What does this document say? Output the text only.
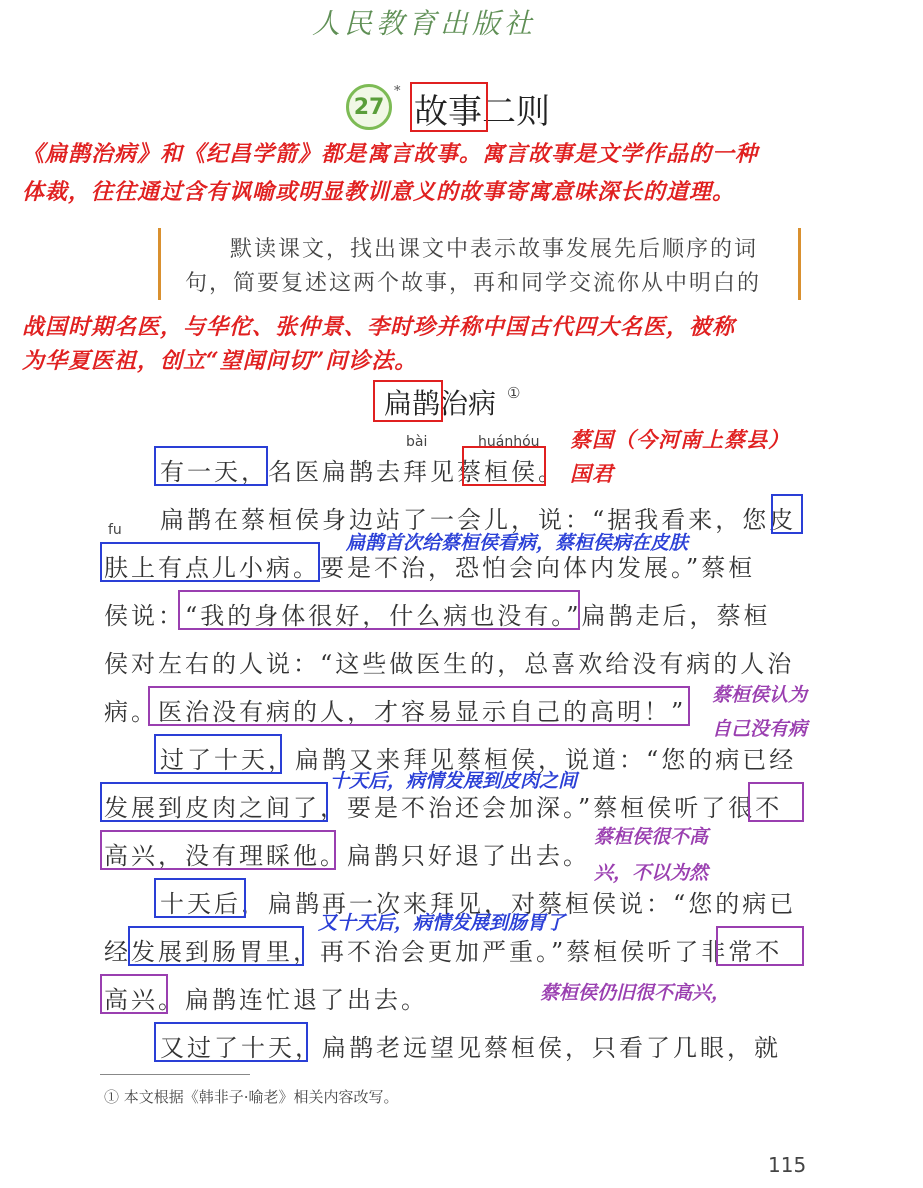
人民教育出版社
27
*
故事二则
《扁鹊治病》和《纪昌学箭》都是寓言故事。寓言故事是文学作品的一种
体裁，往往通过含有讽喻或明显教训意义的故事寄寓意味深长的道理。
默读课文，找出课文中表示故事发展先后顺序的词
句，简要复述这两个故事，再和同学交流你从中明白的
战国时期名医，与华佗、张仲景、李时珍并称中国古代四大名医，被称
为华夏医祖，创立“望闻问切”问诊法。
扁鹊治病 ①
bài	huánhóu
fu
有一天，名医扁鹊去拜见蔡桓侯。
扁鹊在蔡桓侯身边站了一会儿，说：“据我看来，您皮
肤上有点儿小病。要是不治，恐怕会向体内发展。”蔡桓
侯说：“我的身体很好，什么病也没有。”扁鹊走后，蔡桓
侯对左右的人说：“这些做医生的，总喜欢给没有病的人治
病。医治没有病的人，才容易显示自己的高明！”
过了十天，扁鹊又来拜见蔡桓侯，说道：“您的病已经
发展到皮肉之间了，要是不治还会加深。”蔡桓侯听了很不
高兴，没有理睬他。扁鹊只好退了出去。
十天后，扁鹊再一次来拜见，对蔡桓侯说：“您的病已
经发展到肠胃里，再不治会更加严重。”蔡桓侯听了非常不
高兴。扁鹊连忙退了出去。
又过了十天，扁鹊老远望见蔡桓侯，只看了几眼，就
蔡国（今河南上蔡县）
国君
扁鹊首次给蔡桓侯看病，蔡桓侯病在皮肤
蔡桓侯认为
自己没有病
十天后，病情发展到皮肉之间
蔡桓侯很不高
兴，不以为然
又十天后，病情发展到肠胃了
蔡桓侯仍旧很不高兴，
① 本文根据《韩非子·喻老》相关内容改写。
115
